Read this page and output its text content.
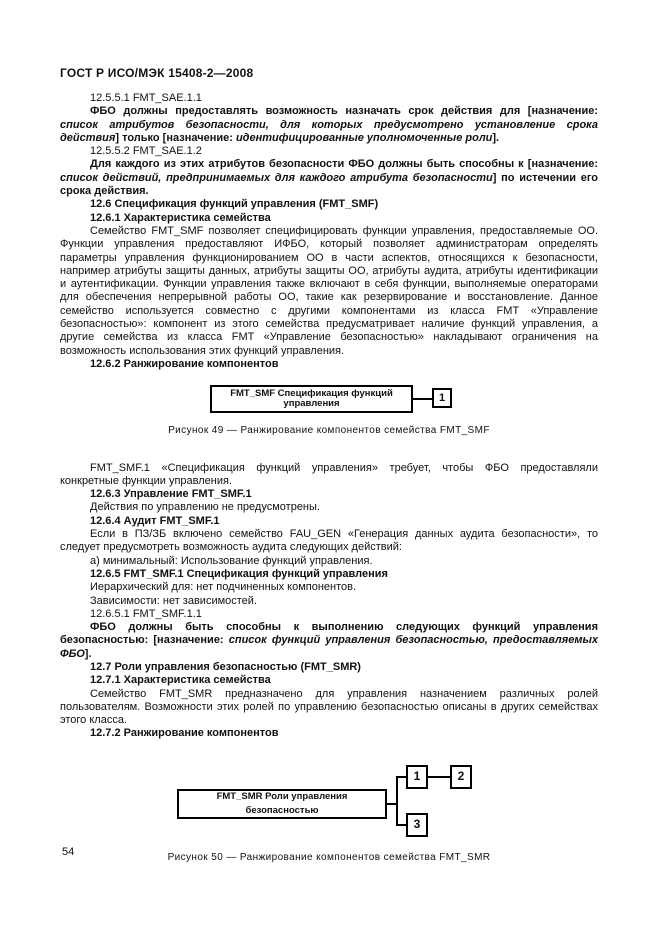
ГОСТ Р ИСО/МЭК 15408-2—2008

12.5.5.1 FMT_SAE.1.1

ФБО должны предоставлять возможность назначать срок действия для [назначение: список атрибутов безопасности, для которых предусмотрено установление срока действия] только [назначение: идентифицированные уполномоченные роли].

12.5.5.2 FMT_SAE.1.2

Для каждого из этих атрибутов безопасности ФБО должны быть способны к [назначение: список действий, предпринимаемых для каждого атрибута безопасности] по истечении его срока действия.

12.6 Спецификация функций управления (FMT_SMF)

12.6.1 Характеристика семейства

Семейство FMT_SMF позволяет специфицировать функции управления, предоставляемые ОО. Функции управления предоставляют ИФБО, который позволяет администраторам определять параметры управления функционированием ОО в части аспектов, относящихся к безопасности, например атрибуты защиты данных, атрибуты защиты ОО, атрибуты аудита, атрибуты идентификации и аутентификации. Функции управления также включают в себя функции, выполняемые операторами для обеспечения непрерывной работы ОО, такие как резервирование и восстановление. Данное семейство используется совместно с другими компонентами из класса FMT «Управление безопасностью»: компонент из этого семейства предусматривает наличие функций управления, а другие семейства из класса FMT «Управление безопасностью» накладывают ограничения на возможность использования этих функций управления.

12.6.2 Ранжирование компонентов

FMT_SMF Спецификация функций управления
1

Рисунок 49 — Ранжирование компонентов семейства FMT_SMF

FMT_SMF.1 «Спецификация функций управления» требует, чтобы ФБО предоставляли конкретные функции управления.

12.6.3 Управление FMT_SMF.1

Действия по управлению не предусмотрены.

12.6.4 Аудит FMT_SMF.1

Если в ПЗ/ЗБ включено семейство FAU_GEN «Генерация данных аудита безопасности», то следует предусмотреть возможность аудита следующих действий:

а) минимальный: Использование функций управления.

12.6.5 FMT_SMF.1 Спецификация функций управления

Иерархический для: нет подчиненных компонентов.

Зависимости: нет зависимостей.

12.6.5.1 FMT_SMF.1.1

ФБО должны быть способны к выполнению следующих функций управления безопасностью: [назначение: список функций управления безопасностью, предоставляемых ФБО].

12.7 Роли управления безопасностью (FMT_SMR)

12.7.1 Характеристика семейства

Семейство FMT_SMR предназначено для управления назначением различных ролей пользователям. Возможности этих ролей по управлению безопасностью описаны в других семействах этого класса.

12.7.2 Ранжирование компонентов

FMT_SMR Роли управления безопасностью
1	2
3

Рисунок 50 — Ранжирование компонентов семейства FMT_SMR

54
